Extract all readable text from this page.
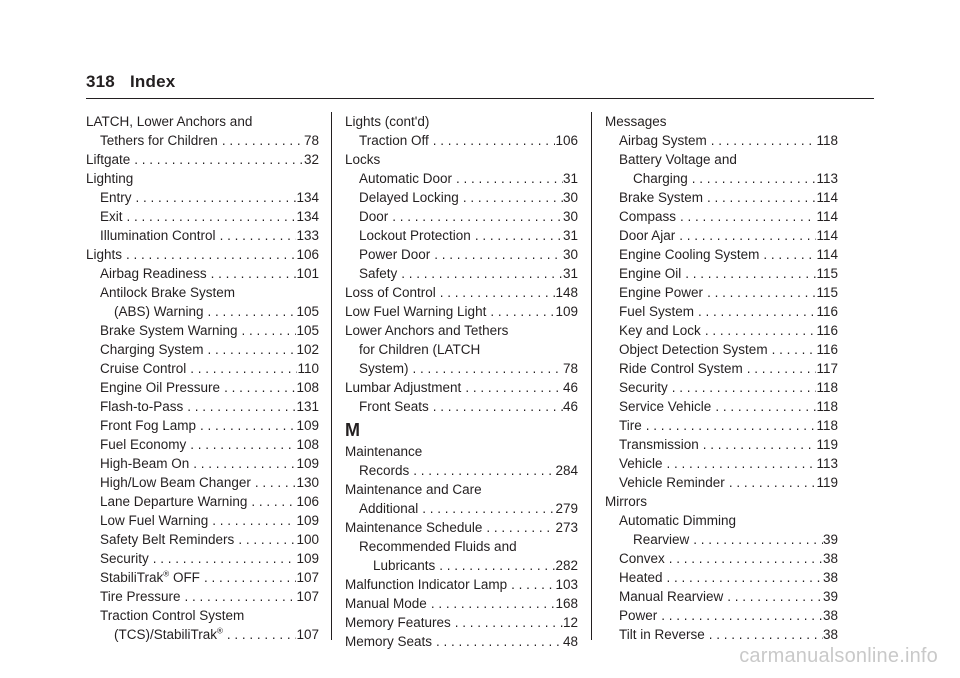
318 Index
LATCH, Lower Anchors and
Tethers for Children . . .	78
Liftgate . . .	32
Lighting
Entry . . .	134
Exit . . .	134
Illumination Control . . .	133
Lights . . .	106
Airbag Readiness . . .	101
Antilock Brake System
(ABS) Warning . . .	105
Brake System Warning . . .	105
Charging System . . .	102
Cruise Control . . .	110
Engine Oil Pressure . . .	108
Flash-to-Pass . . .	131
Front Fog Lamp . . .	109
Fuel Economy . . .	108
High-Beam On . . .	109
High/Low Beam Changer . . .	130
Lane Departure Warning . . .	106
Low Fuel Warning . . .	109
Safety Belt Reminders . . .	100
Security . . .	109
StabiliTrak® OFF . . .	107
Tire Pressure . . .	107
Traction Control System
(TCS)/StabiliTrak® . . .	107
Lights (cont'd)
Traction Off . . .	106
Locks
Automatic Door . . .	31
Delayed Locking . . .	30
Door . . .	30
Lockout Protection . . .	31
Power Door . . .	30
Safety . . .	31
Loss of Control . . .	148
Low Fuel Warning Light . . .	109
Lower Anchors and Tethers
for Children (LATCH
System) . . .	78
Lumbar Adjustment . . .	46
Front Seats . . .	46
M
Maintenance
Records . . .	284
Maintenance and Care
Additional . . .	279
Maintenance Schedule . . .	273
Recommended Fluids and
Lubricants . . .	282
Malfunction Indicator Lamp . . .	103
Manual Mode . . .	168
Memory Features . . .	12
Memory Seats . . .	48
Messages
Airbag System . . .	118
Battery Voltage and
Charging . . .	113
Brake System . . .	114
Compass . . .	114
Door Ajar . . .	114
Engine Cooling System . . .	114
Engine Oil . . .	115
Engine Power . . .	115
Fuel System . . .	116
Key and Lock . . .	116
Object Detection System . . .	116
Ride Control System . . .	117
Security . . .	118
Service Vehicle . . .	118
Tire . . .	118
Transmission . . .	119
Vehicle . . .	113
Vehicle Reminder . . .	119
Mirrors
Automatic Dimming
Rearview . . .	39
Convex . . .	38
Heated . . .	38
Manual Rearview . . .	39
Power . . .	38
Tilt in Reverse . . .	38
carmanualsonline.info
